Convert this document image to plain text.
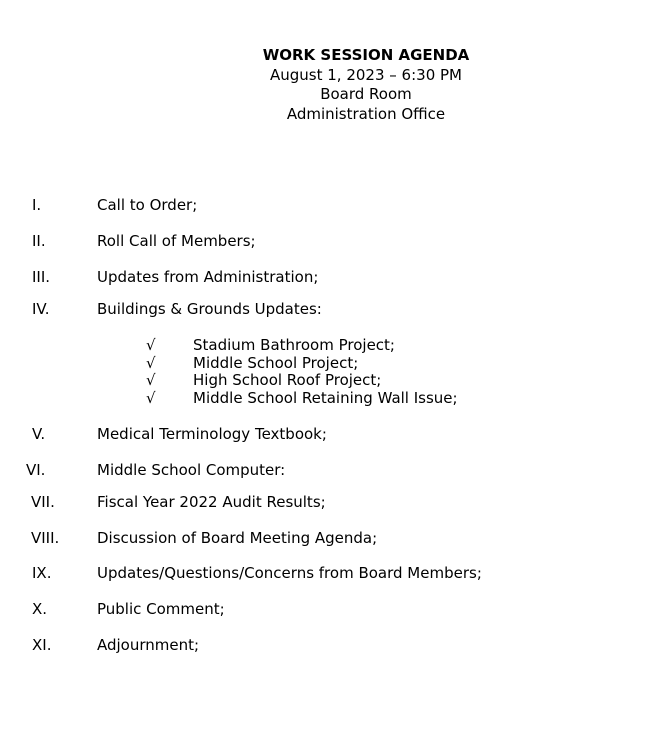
WORK SESSION AGENDA
August 1, 2023 – 6:30 PM
Board Room
Administration Office
I.	Call to Order;
II.	Roll Call of Members;
III.	Updates from Administration;
IV.	Buildings & Grounds Updates:
√ Stadium Bathroom Project;
√ Middle School Project;
√ High School Roof Project;
√ Middle School Retaining Wall Issue;
V.	Medical Terminology Textbook;
VI.	Middle School Computer:
VII.	Fiscal Year 2022 Audit Results;
VIII.	Discussion of Board Meeting Agenda;
IX.	Updates/Questions/Concerns from Board Members;
X.	Public Comment;
XI.	Adjournment;
